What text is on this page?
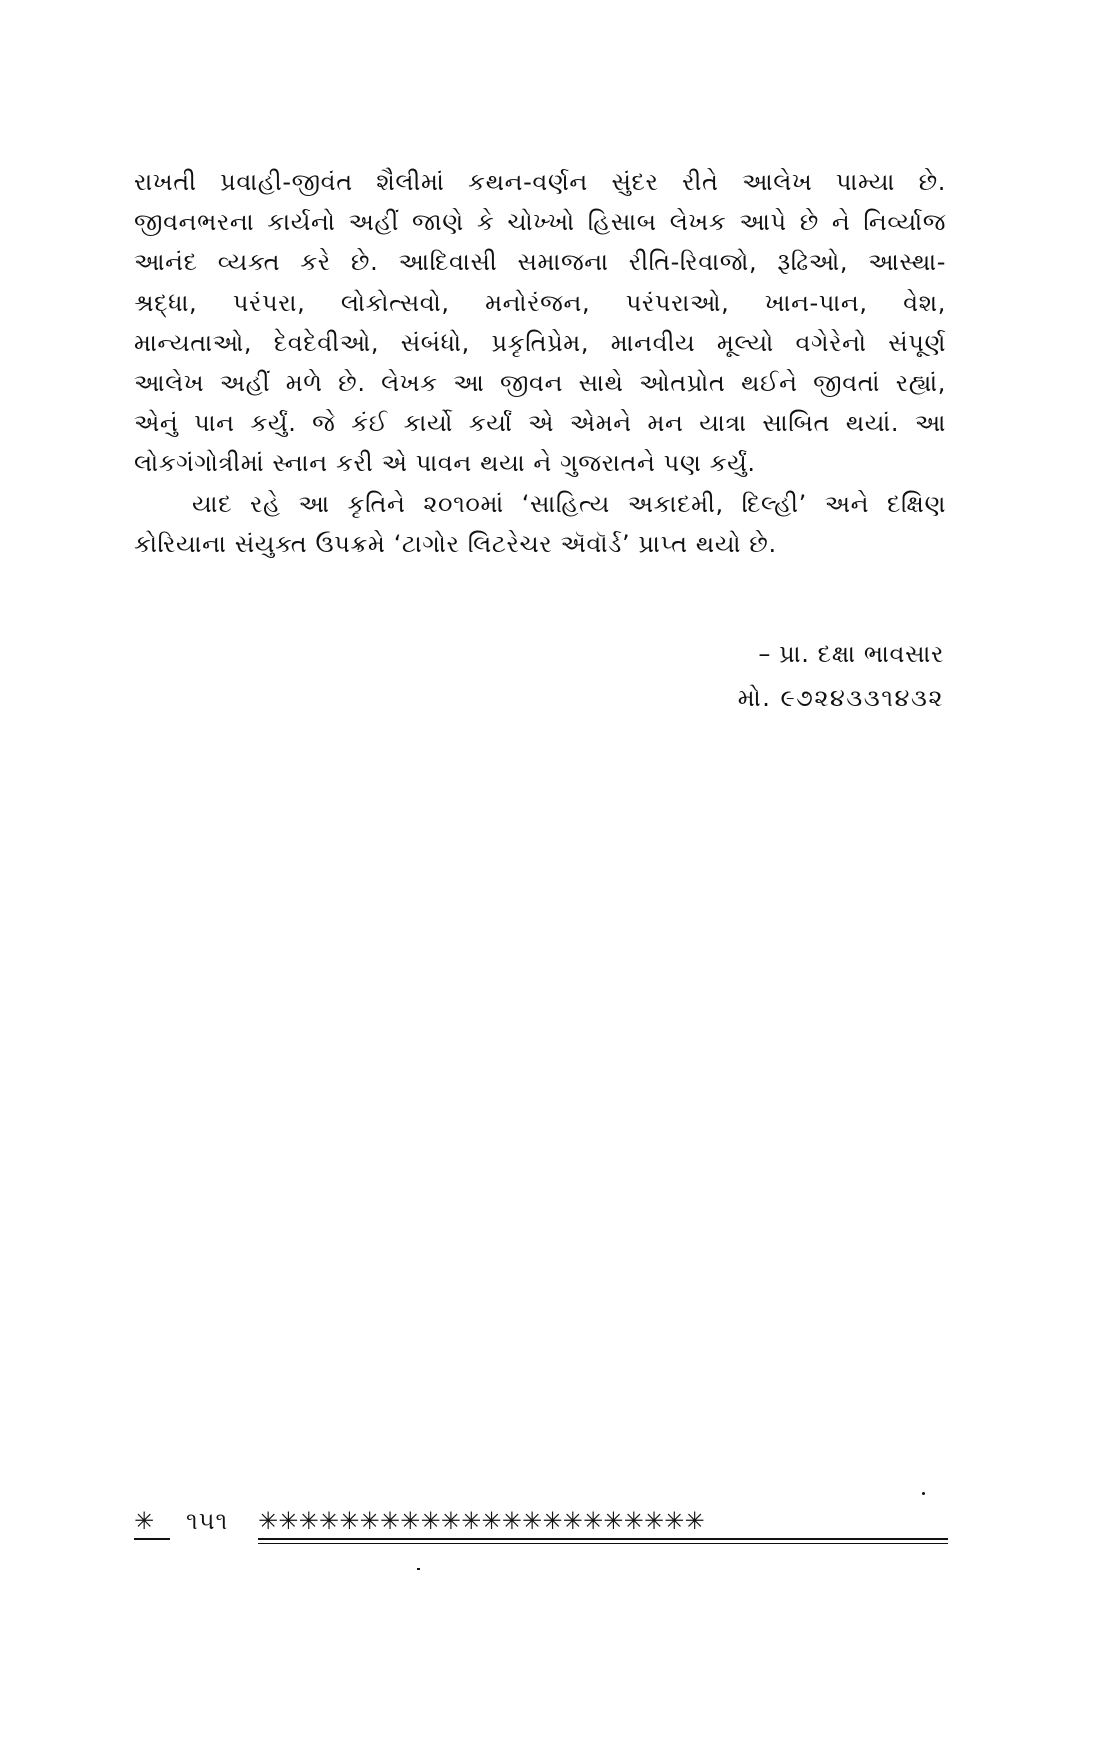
રાખતી પ્રવાહી-જીવંત શૈલીમાં કથન-વર્ણન સુંદર રીતે આલેખ પામ્યા છે.
જીવનભરના કાર્યનો અહીં જાણે કે ચોખ્ખો હિસાબ લેખક આપે છે ને નિર્વ્યાજ
આનંદ વ્યક્ત કરે છે. આદિવાસી સમાજના રીતિ-રિવાજો, રૂઢિઓ, આસ્થા-
શ્રદ્ધા, પરંપરા, લોકોત્સવો, મનોરંજન, પરંપરાઓ, ખાન-પાન, વેશ,
માન્યતાઓ, દેવદેવીઓ, સંબંધો, પ્રકૃતિપ્રેમ, માનવીય મૂલ્યો વગેરેનો સંપૂર્ણ
આલેખ અહીં મળે છે. લેખક આ જીવન સાથે ઓતપ્રોત થઈને જીવતાં રહ્યાં,
એનું પાન કર્યું. જે કંઈ કાર્યો કર્યાં એ એમને મન યાત્રા સાબિત થયાં. આ
લોકગંગોત્રીમાં સ્નાન કરી એ પાવન થયા ને ગુજરાતને પણ કર્યું.
યાદ રહે આ કૃતિને ૨૦૧૦માં ‘સાહિત્ય અકાદમી, દિલ્હી’ અને દક્ષિણ
કોરિયાના સંયુક્ત ઉપક્રમે ‘ટાગોર લિટરેચર ઍવૉર્ડ’ પ્રાપ્ત થયો છે.
– પ્રા. દક્ષા ભાવસાર
મો. ૯૭૨૪૩૩૧૪૩૨
✳ ૧૫૧ ✳✳✳✳✳✳✳✳✳✳✳✳✳✳✳✳✳✳✳✳✳✳
